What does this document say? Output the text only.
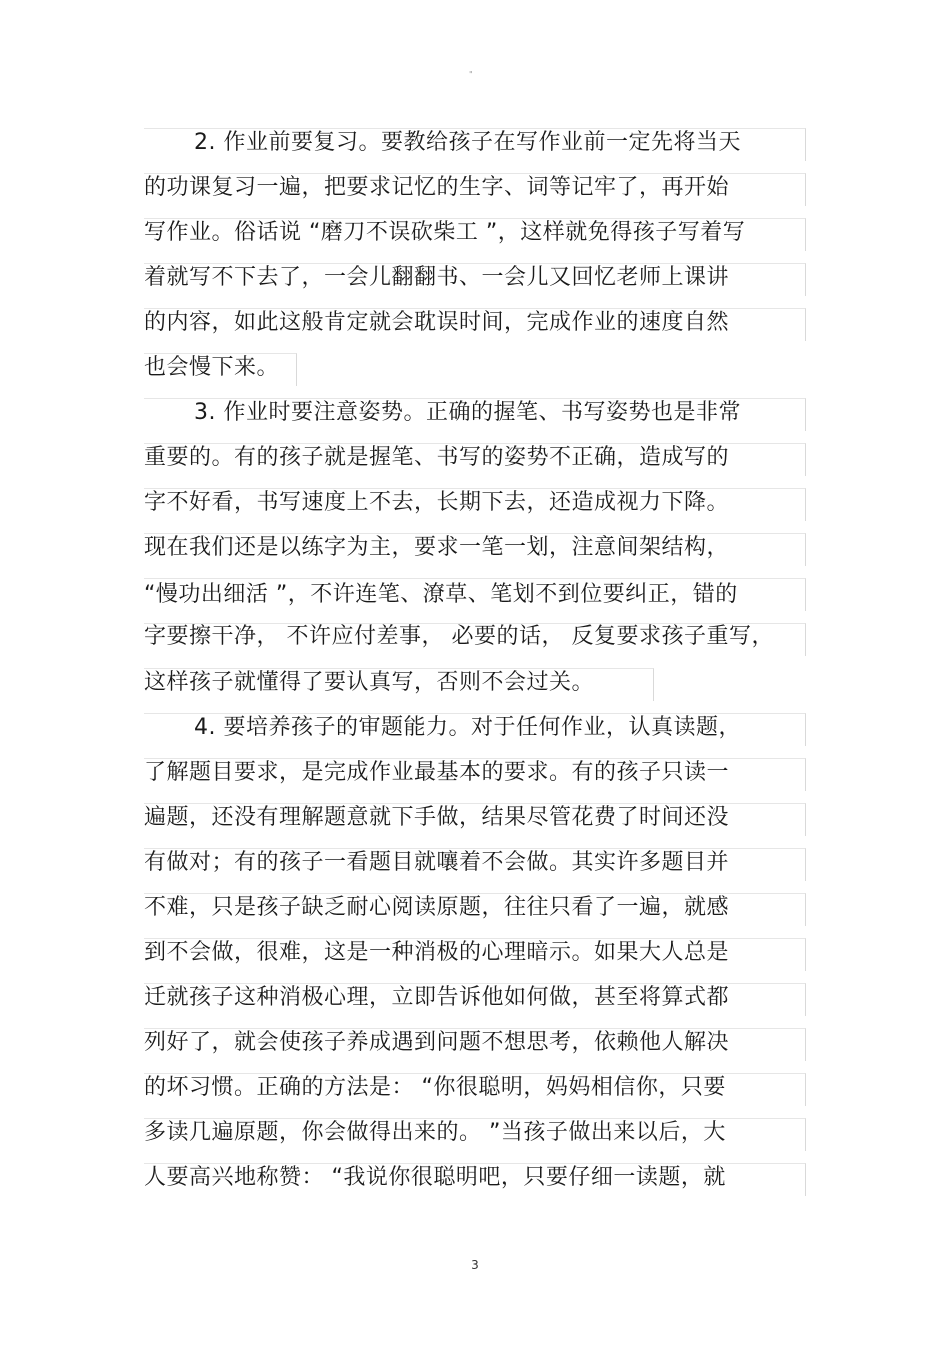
"
2. 作业前要复习。要教给孩子在写作业前一定先将当天
的功课复习一遍，把要求记忆的生字、词等记牢了，再开始
写作业。俗话说 “磨刀不误砍柴工 ”，这样就免得孩子写着写
着就写不下去了，一会儿翻翻书、一会儿又回忆老师上课讲
的内容，如此这般肯定就会耽误时间，完成作业的速度自然
也会慢下来。
3. 作业时要注意姿势。正确的握笔、书写姿势也是非常
重要的。有的孩子就是握笔、书写的姿势不正确，造成写的
字不好看，书写速度上不去，长期下去，还造成视力下降。
现在我们还是以练字为主，要求一笔一划，注意间架结构，
“慢功出细活 ”，不许连笔、潦草、笔划不到位要纠正，错的
字要擦干净， 不许应付差事， 必要的话， 反复要求孩子重写，
这样孩子就懂得了要认真写，否则不会过关。
4. 要培养孩子的审题能力。对于任何作业，认真读题，
了解题目要求，是完成作业最基本的要求。有的孩子只读一
遍题，还没有理解题意就下手做，结果尽管花费了时间还没
有做对；有的孩子一看题目就嚷着不会做。其实许多题目并
不难，只是孩子缺乏耐心阅读原题，往往只看了一遍，就感
到不会做，很难，这是一种消极的心理暗示。如果大人总是
迁就孩子这种消极心理，立即告诉他如何做，甚至将算式都
列好了，就会使孩子养成遇到问题不想思考，依赖他人解决
的坏习惯。正确的方法是： “你很聪明，妈妈相信你，只要
多读几遍原题，你会做得出来的。 ”当孩子做出来以后，大
人要高兴地称赞： “我说你很聪明吧，只要仔细一读题，就
3
